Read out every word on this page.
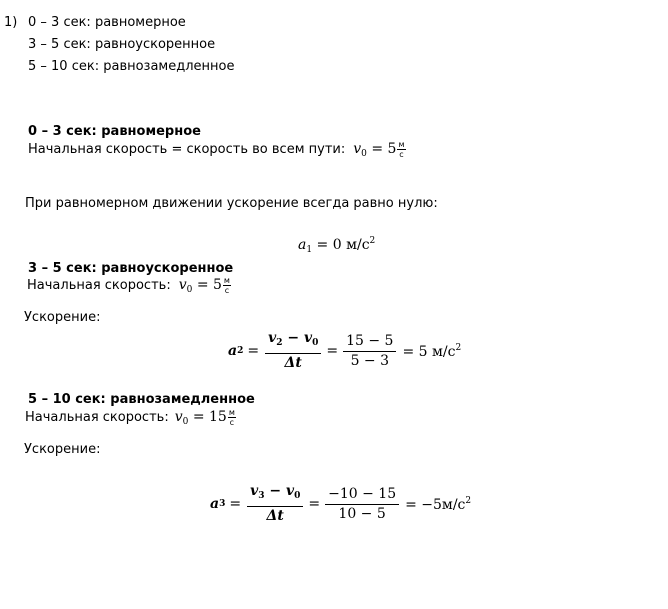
1) 0 – 3 сек: равномерное
3 – 5 сек: равноускоренное
5 – 10 сек: равнозамедленное
0 – 3 сек: равномерное
Начальная скорость = скорость во всем пути: $v_0 = 5 \frac{м}{с}$
При равномерном движении ускорение всегда равно нулю:
$a_1 = 0$ $м/с^2$
3 – 5 сек: равноускоренное
Начальная скорость: $v_0 = 5 \frac{м}{с}$
Ускорение:
a $2 = \frac{v_2 - v_0}{\Delta t} = \frac{15 - 5}{5 - 3} = 5$ $м/с^2$
5 – 10 сек: равнозамедленное
Начальная скорость: $v_0 = 15 \frac{м}{с}$
Ускорение:
a $3 = \frac{v_3 - v_0}{\Delta t} = \frac{-10 - 15}{10 - 5} = -5м/с^2$
